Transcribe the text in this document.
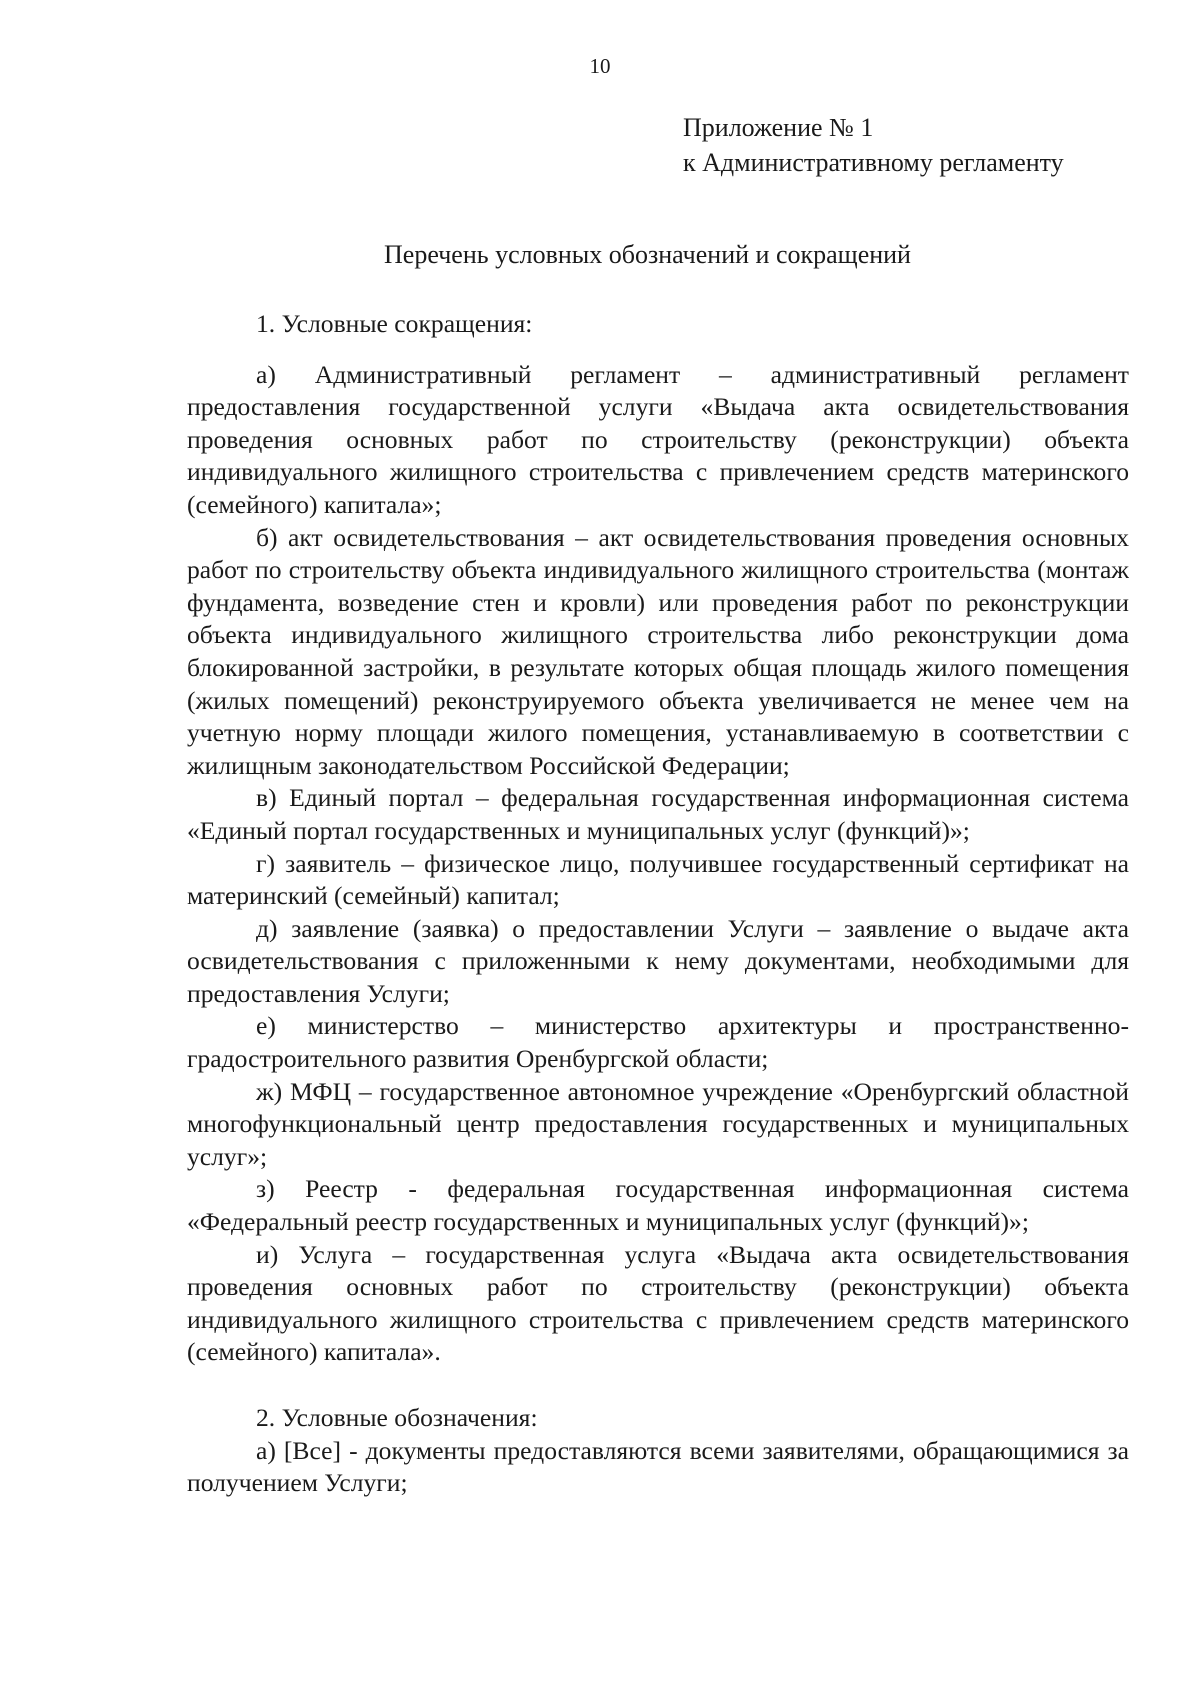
10
Приложение № 1
к Административному регламенту
Перечень условных обозначений и сокращений

1. Условные сокращения:

а) Административный регламент – административный регламент предоставления государственной услуги «Выдача акта освидетельствования проведения основных работ по строительству (реконструкции) объекта индивидуального жилищного строительства с привлечением средств материнского (семейного) капитала»;

б) акт освидетельствования – акт освидетельствования проведения основных работ по строительству объекта индивидуального жилищного строительства (монтаж фундамента, возведение стен и кровли) или проведения работ по реконструкции объекта индивидуального жилищного строительства либо реконструкции дома блокированной застройки, в результате которых общая площадь жилого помещения (жилых помещений) реконструируемого объекта увеличивается не менее чем на учетную норму площади жилого помещения, устанавливаемую в соответствии с жилищным законодательством Российской Федерации;

в) Единый портал – федеральная государственная информационная система «Единый портал государственных и муниципальных услуг (функций)»;

г) заявитель – физическое лицо, получившее государственный сертификат на материнский (семейный) капитал;

д) заявление (заявка) о предоставлении Услуги – заявление о выдаче акта освидетельствования с приложенными к нему документами, необходимыми для предоставления Услуги;

е) министерство – министерство архитектуры и пространственно-градостроительного развития Оренбургской области;

ж) МФЦ – государственное автономное учреждение «Оренбургский областной многофункциональный центр предоставления государственных и муниципальных услуг»;

з) Реестр - федеральная государственная информационная система «Федеральный реестр государственных и муниципальных услуг (функций)»;

и) Услуга – государственная услуга «Выдача акта освидетельствования проведения основных работ по строительству (реконструкции) объекта индивидуального жилищного строительства с привлечением средств материнского (семейного) капитала».

2. Условные обозначения:

а) [Все] - документы предоставляются всеми заявителями, обращающимися за получением Услуги;
